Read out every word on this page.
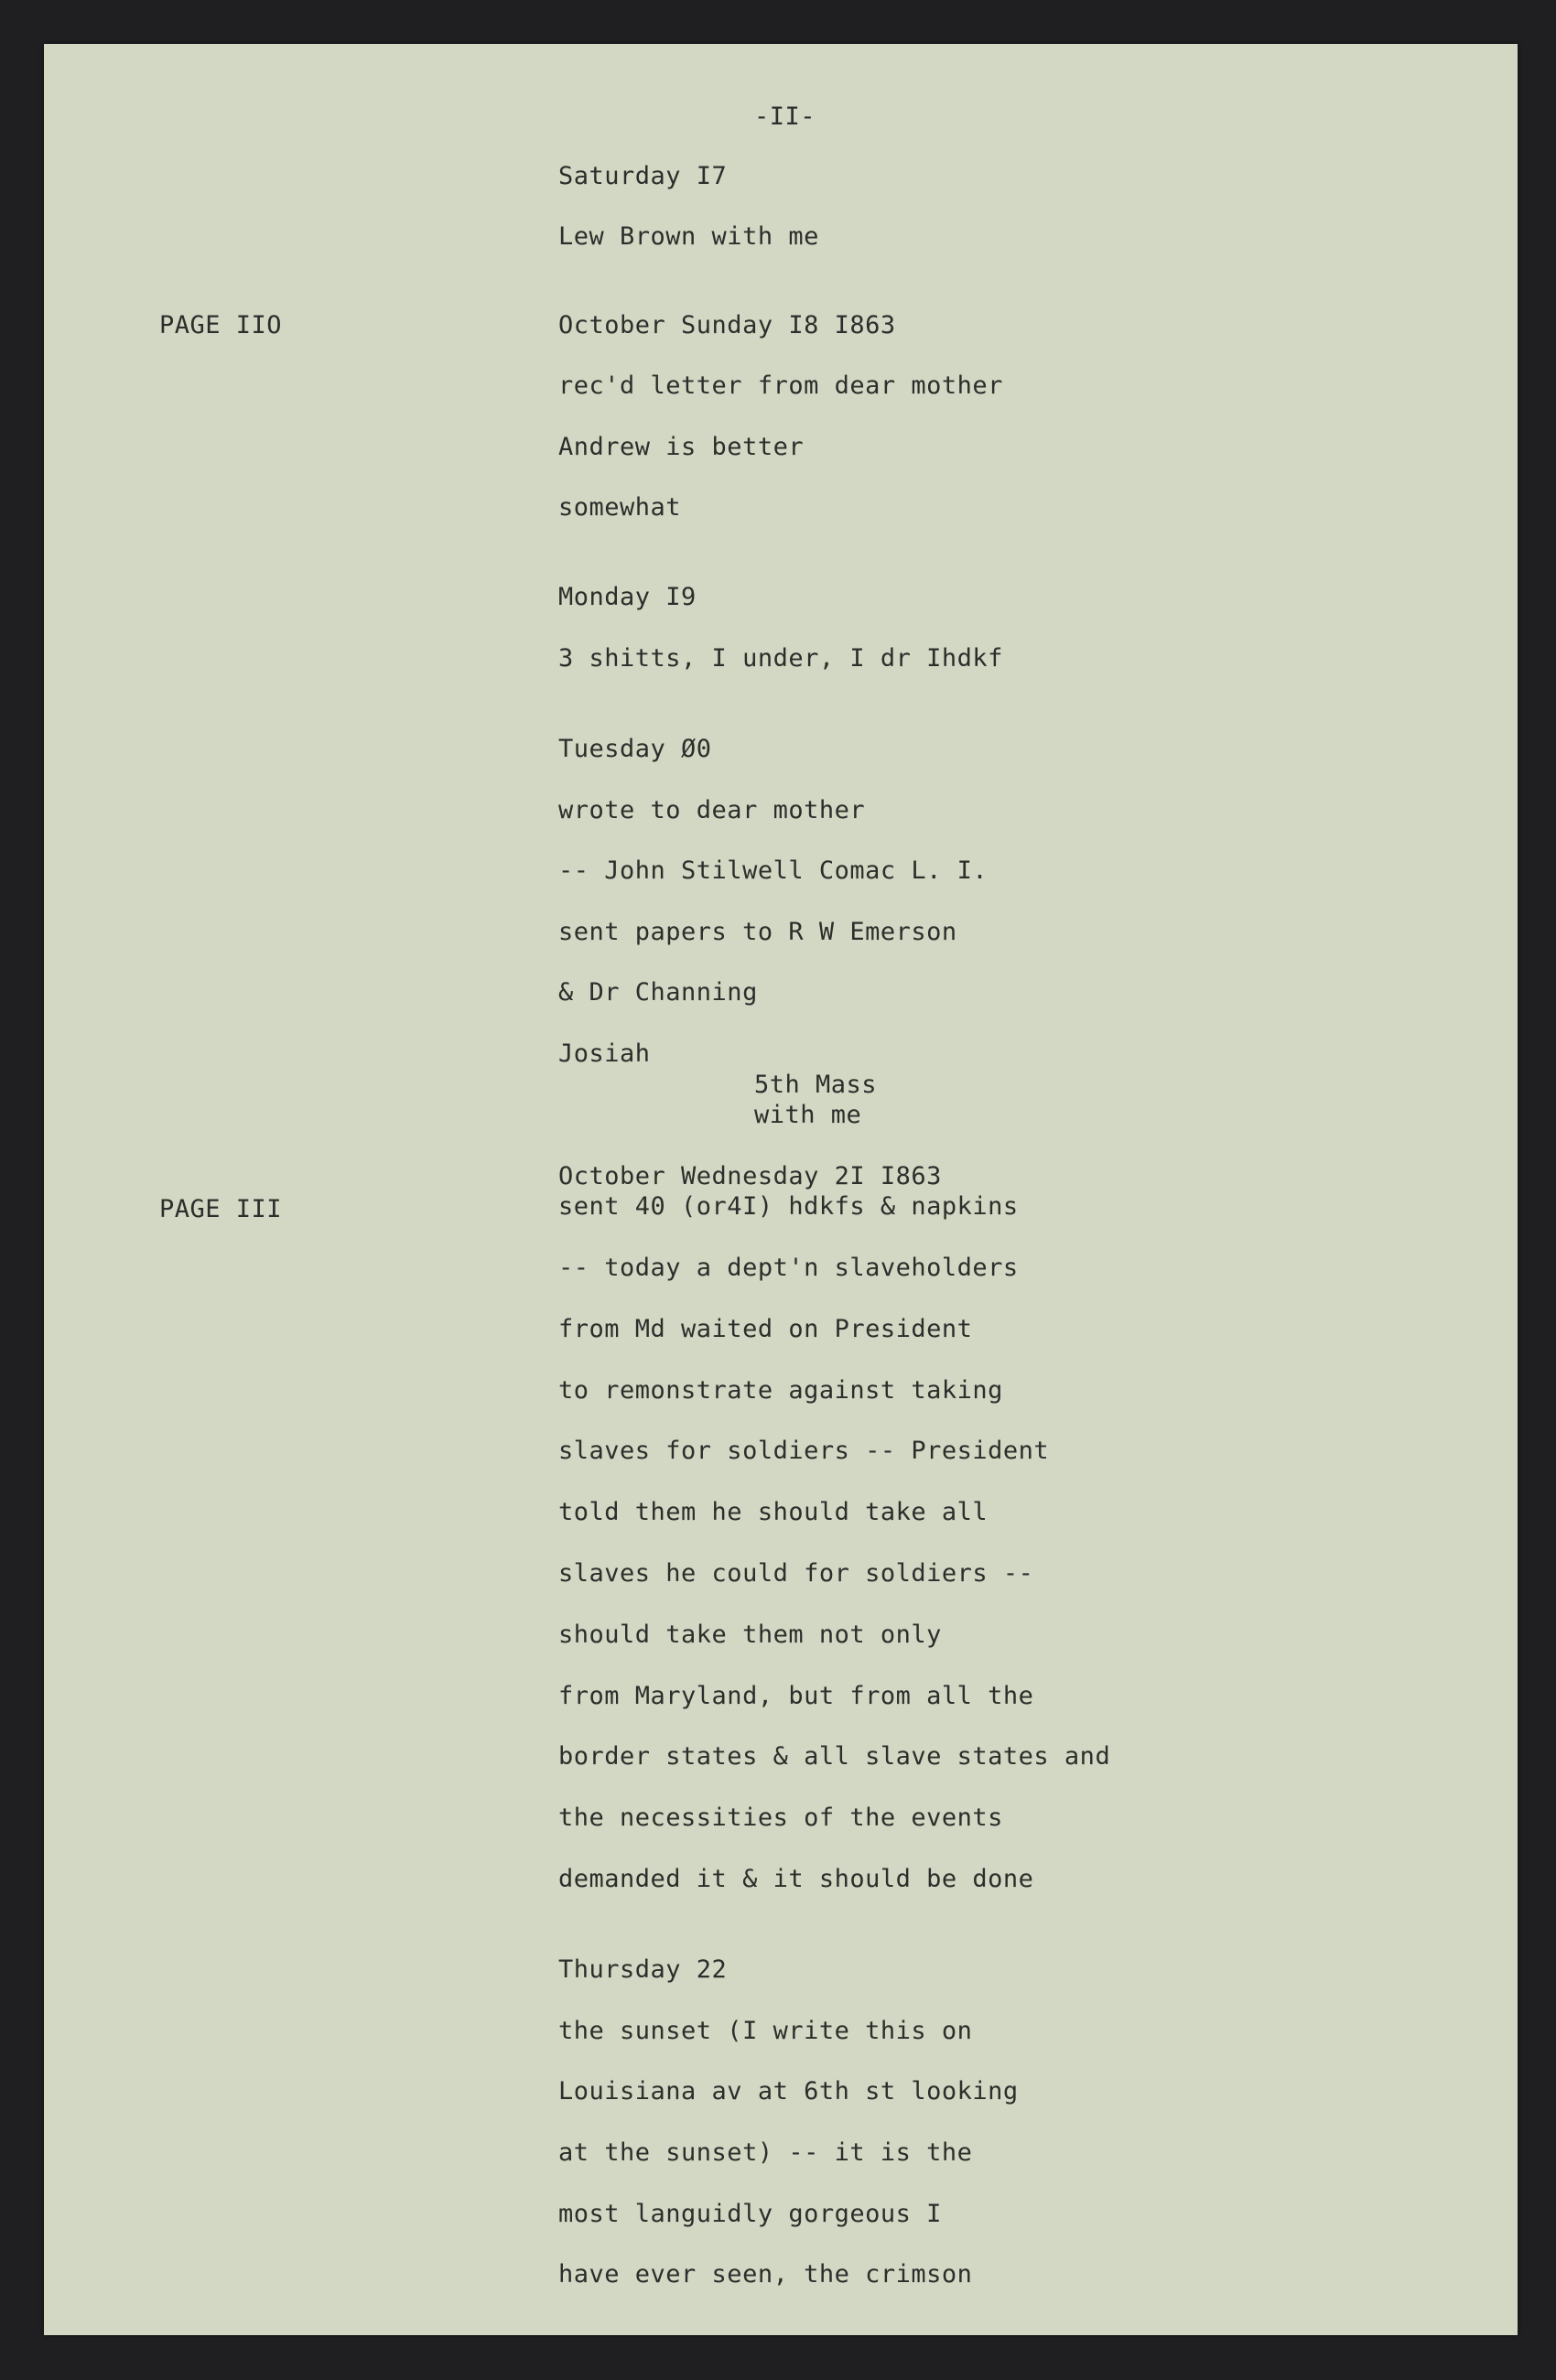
-II-
PAGE IIO
PAGE III
Saturday I7
Lew Brown with me
October Sunday I8 I863
rec'd letter from dear mother
Andrew is better
somewhat
Monday I9
3 shitts, I under, I dr Ihdkf
Tuesday Ø0
wrote to dear mother
-- John Stilwell Comac L. I.
sent papers to R W Emerson
& Dr Channing
Josiah
5th Mass
with me
October Wednesday 2I I863
sent 40 (or4I) hdkfs & napkins
-- today a dept'n slaveholders
from Md waited on President
to remonstrate against taking
slaves for soldiers -- President
told them he should take all
slaves he could for soldiers --
should take them not only
from Maryland, but from all the
border states & all slave states and
the necessities of the events
demanded it & it should be done
Thursday 22
the sunset (I write this on
Louisiana av at 6th st looking
at the sunset) -- it is the
most languidly gorgeous I
have ever seen, the crimson
